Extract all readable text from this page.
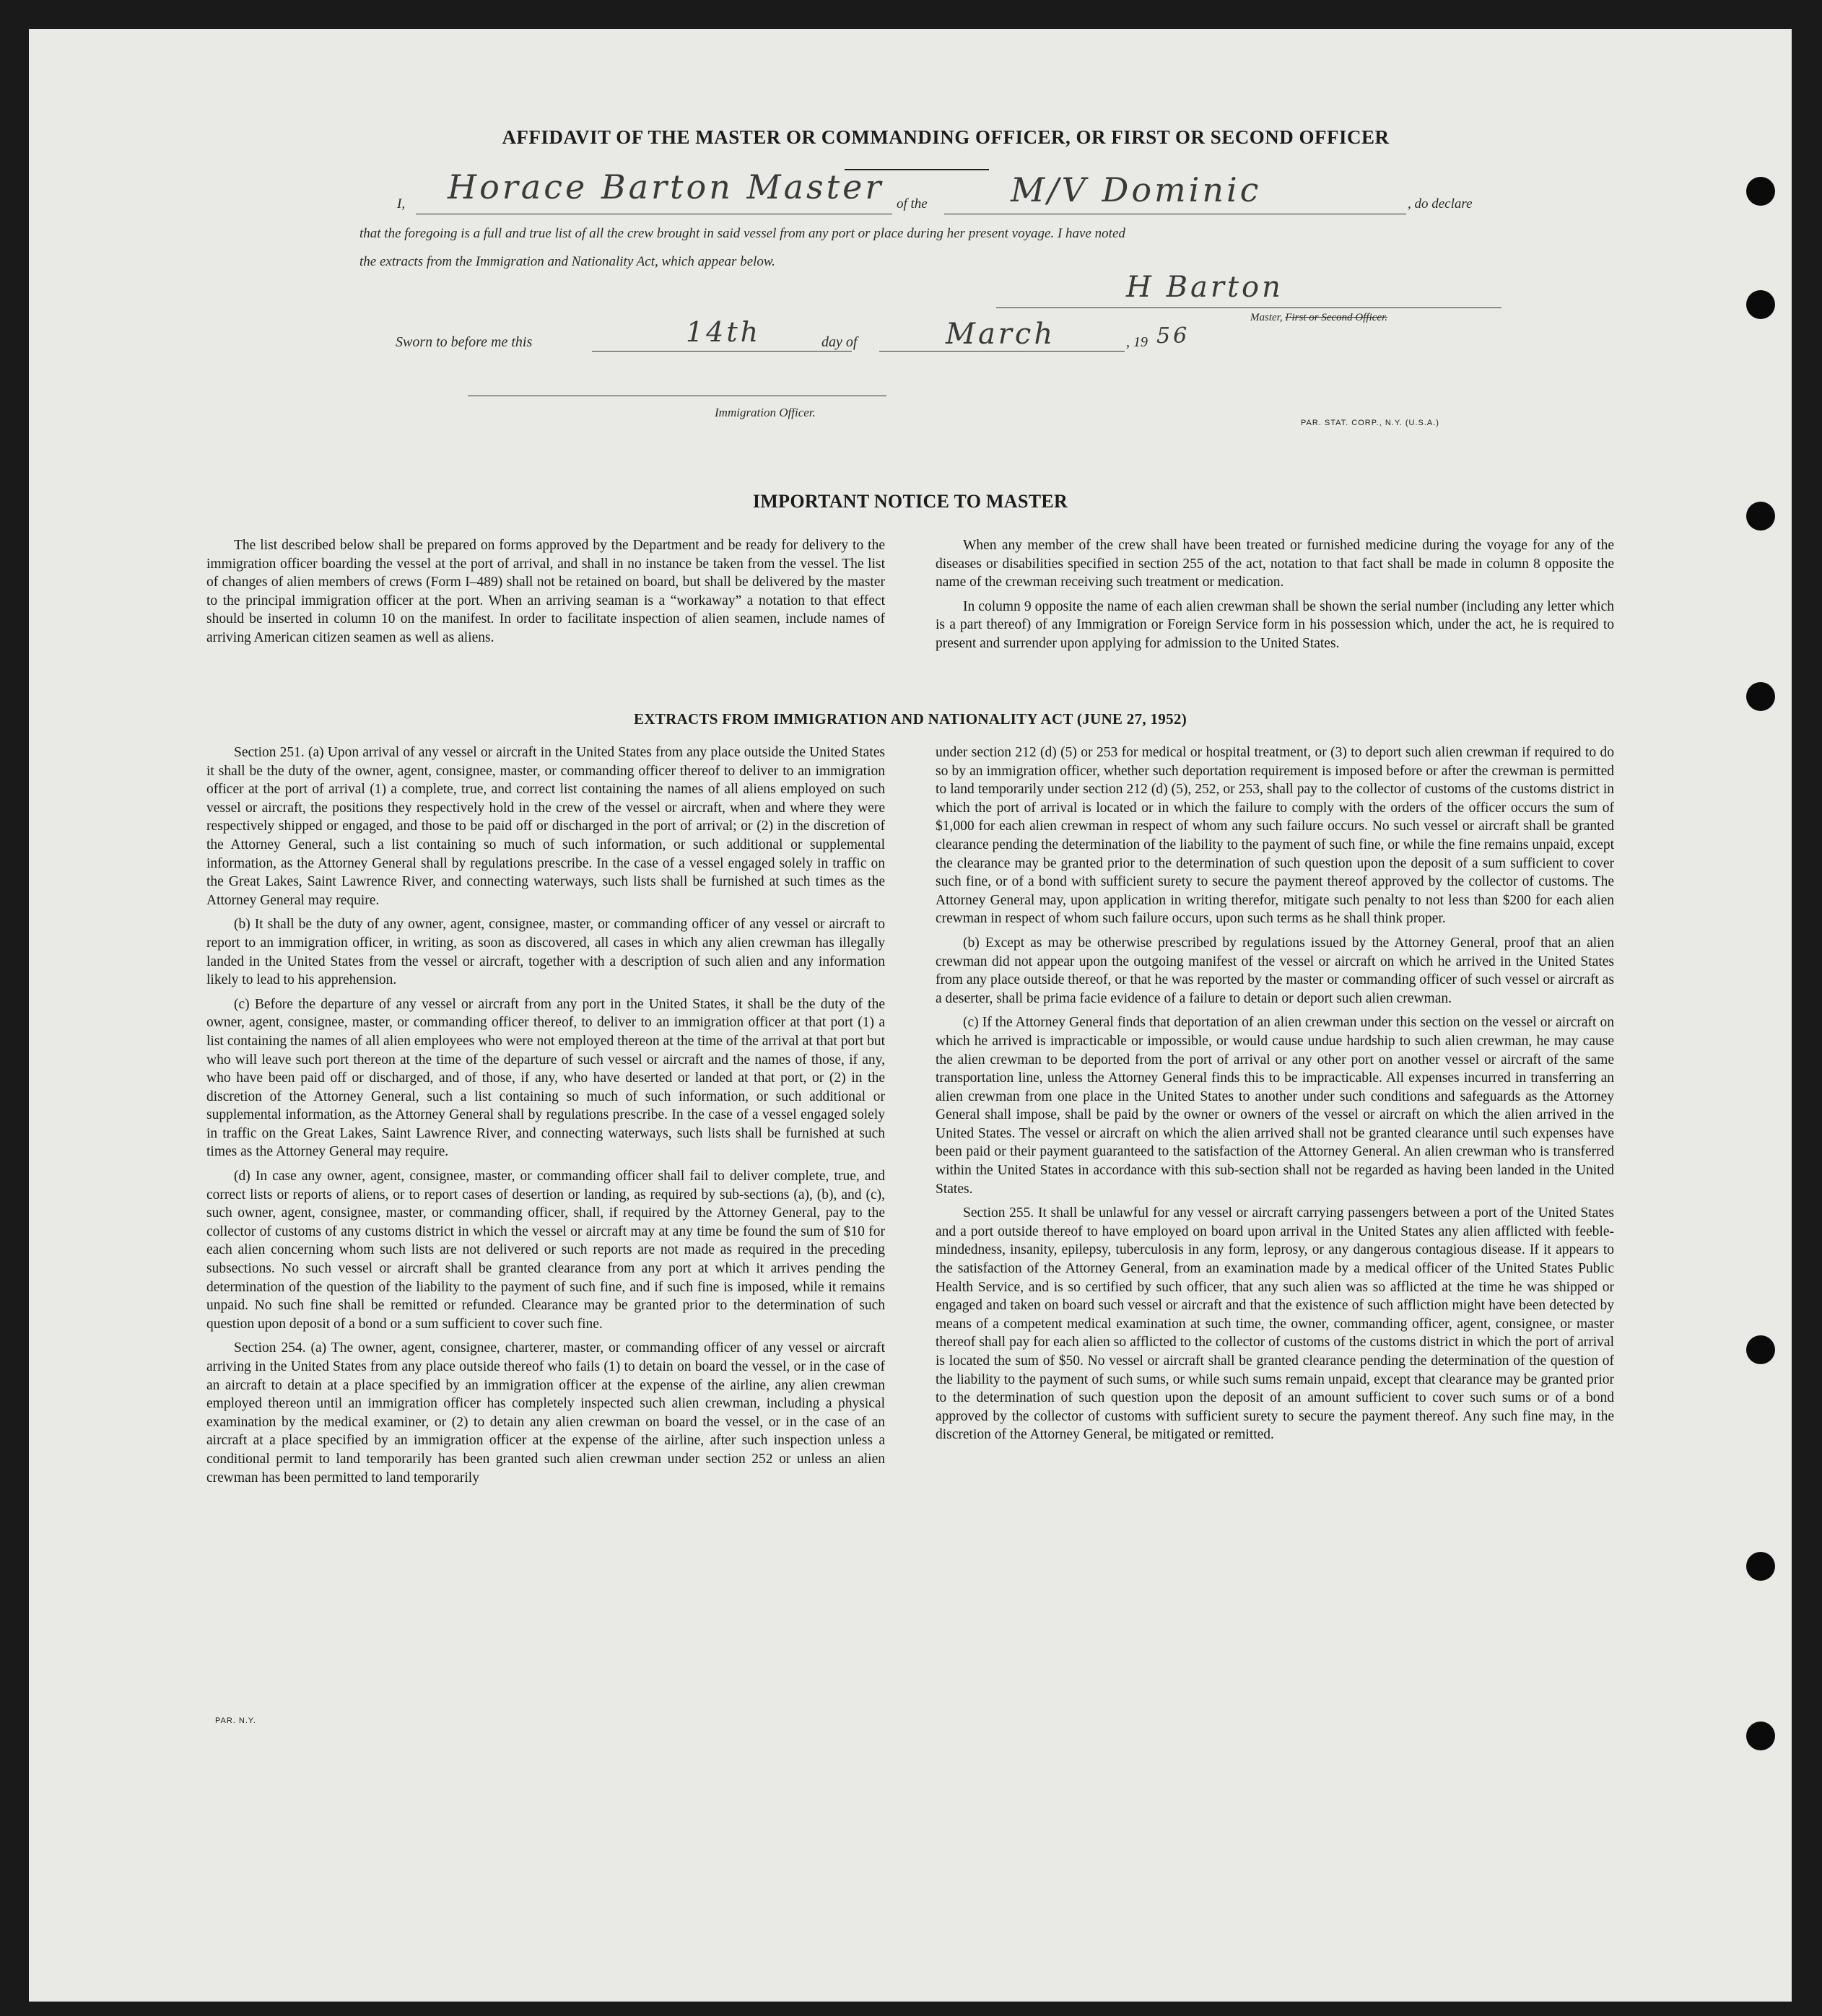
AFFIDAVIT OF THE MASTER OR COMMANDING OFFICER, OR FIRST OR SECOND OFFICER
I, Horace Barton Master of the	M/V Dominic	, do declare
that the foregoing is a full and true list of all the crew brought in said vessel from any port or place during her present voyage. I have noted
the extracts from the Immigration and Nationality Act, which appear below.
H Barton
Master, First or Second Officer.
Sworn to before me this	14th	day of	March	, 19 56
Immigration Officer.
PAR. STAT. CORP., N.Y. (U.S.A.)
IMPORTANT NOTICE TO MASTER

The list described below shall be prepared on forms approved by the Department and be ready for delivery to the immigration officer boarding the vessel at the port of arrival, and shall in no instance be taken from the vessel. The list of changes of alien members of crews (Form I–489) shall not be retained on board, but shall be delivered by the master to the principal immigration officer at the port. When an arriving seaman is a “workaway” a notation to that effect should be inserted in column 10 on the manifest. In order to facilitate inspection of alien seamen, include names of arriving American citizen seamen as well as aliens.

When any member of the crew shall have been treated or furnished medicine during the voyage for any of the diseases or disabilities specified in section 255 of the act, notation to that fact shall be made in column 8 opposite the name of the crewman receiving such treatment or medication.

In column 9 opposite the name of each alien crewman shall be shown the serial number (including any letter which is a part thereof) of any Immigration or Foreign Service form in his possession which, under the act, he is required to present and surrender upon applying for admission to the United States.

EXTRACTS FROM IMMIGRATION AND NATIONALITY ACT (JUNE 27, 1952)

Section 251. (a) Upon arrival of any vessel or aircraft in the United States from any place outside the United States it shall be the duty of the owner, agent, consignee, master, or commanding officer thereof to deliver to an immigration officer at the port of arrival (1) a complete, true, and correct list containing the names of all aliens employed on such vessel or aircraft, the positions they respectively hold in the crew of the vessel or aircraft, when and where they were respectively shipped or engaged, and those to be paid off or discharged in the port of arrival; or (2) in the discretion of the Attorney General, such a list containing so much of such information, or such additional or supplemental information, as the Attorney General shall by regulations prescribe. In the case of a vessel engaged solely in traffic on the Great Lakes, Saint Lawrence River, and connecting waterways, such lists shall be furnished at such times as the Attorney General may require.

(b) It shall be the duty of any owner, agent, consignee, master, or commanding officer of any vessel or aircraft to report to an immigration officer, in writing, as soon as discovered, all cases in which any alien crewman has illegally landed in the United States from the vessel or aircraft, together with a description of such alien and any information likely to lead to his apprehension.

(c) Before the departure of any vessel or aircraft from any port in the United States, it shall be the duty of the owner, agent, consignee, master, or commanding officer thereof, to deliver to an immigration officer at that port (1) a list containing the names of all alien employees who were not employed thereon at the time of the arrival at that port but who will leave such port thereon at the time of the departure of such vessel or aircraft and the names of those, if any, who have been paid off or discharged, and of those, if any, who have deserted or landed at that port, or (2) in the discretion of the Attorney General, such a list containing so much of such information, or such additional or supplemental information, as the Attorney General shall by regulations prescribe. In the case of a vessel engaged solely in traffic on the Great Lakes, Saint Lawrence River, and connecting waterways, such lists shall be furnished at such times as the Attorney General may require.

(d) In case any owner, agent, consignee, master, or commanding officer shall fail to deliver complete, true, and correct lists or reports of aliens, or to report cases of desertion or landing, as required by sub-sections (a), (b), and (c), such owner, agent, consignee, master, or commanding officer, shall, if required by the Attorney General, pay to the collector of customs of any customs district in which the vessel or aircraft may at any time be found the sum of $10 for each alien concerning whom such lists are not delivered or such reports are not made as required in the preceding subsections. No such vessel or aircraft shall be granted clearance from any port at which it arrives pending the determination of the question of the liability to the payment of such fine, and if such fine is imposed, while it remains unpaid. No such fine shall be remitted or refunded. Clearance may be granted prior to the determination of such question upon deposit of a bond or a sum sufficient to cover such fine.

Section 254. (a) The owner, agent, consignee, charterer, master, or commanding officer of any vessel or aircraft arriving in the United States from any place outside thereof who fails (1) to detain on board the vessel, or in the case of an aircraft to detain at a place specified by an immigration officer at the expense of the airline, any alien crewman employed thereon until an immigration officer has completely inspected such alien crewman, including a physical examination by the medical examiner, or (2) to detain any alien crewman on board the vessel, or in the case of an aircraft at a place specified by an immigration officer at the expense of the airline, after such inspection unless a conditional permit to land temporarily has been granted such alien crewman under section 252 or unless an alien crewman has been permitted to land temporarily

under section 212 (d) (5) or 253 for medical or hospital treatment, or (3) to deport such alien crewman if required to do so by an immigration officer, whether such deportation requirement is imposed before or after the crewman is permitted to land temporarily under section 212 (d) (5), 252, or 253, shall pay to the collector of customs of the customs district in which the port of arrival is located or in which the failure to comply with the orders of the officer occurs the sum of $1,000 for each alien crewman in respect of whom any such failure occurs. No such vessel or aircraft shall be granted clearance pending the determination of the liability to the payment of such fine, or while the fine remains unpaid, except the clearance may be granted prior to the determination of such question upon the deposit of a sum sufficient to cover such fine, or of a bond with sufficient surety to secure the payment thereof approved by the collector of customs. The Attorney General may, upon application in writing therefor, mitigate such penalty to not less than $200 for each alien crewman in respect of whom such failure occurs, upon such terms as he shall think proper.

(b) Except as may be otherwise prescribed by regulations issued by the Attorney General, proof that an alien crewman did not appear upon the outgoing manifest of the vessel or aircraft on which he arrived in the United States from any place outside thereof, or that he was reported by the master or commanding officer of such vessel or aircraft as a deserter, shall be prima facie evidence of a failure to detain or deport such alien crewman.

(c) If the Attorney General finds that deportation of an alien crewman under this section on the vessel or aircraft on which he arrived is impracticable or impossible, or would cause undue hardship to such alien crewman, he may cause the alien crewman to be deported from the port of arrival or any other port on another vessel or aircraft of the same transportation line, unless the Attorney General finds this to be impracticable. All expenses incurred in transferring an alien crewman from one place in the United States to another under such conditions and safeguards as the Attorney General shall impose, shall be paid by the owner or owners of the vessel or aircraft on which the alien arrived in the United States. The vessel or aircraft on which the alien arrived shall not be granted clearance until such expenses have been paid or their payment guaranteed to the satisfaction of the Attorney General. An alien crewman who is transferred within the United States in accordance with this sub-section shall not be regarded as having been landed in the United States.

Section 255. It shall be unlawful for any vessel or aircraft carrying passengers between a port of the United States and a port outside thereof to have employed on board upon arrival in the United States any alien afflicted with feeble-mindedness, insanity, epilepsy, tuberculosis in any form, leprosy, or any dangerous contagious disease. If it appears to the satisfaction of the Attorney General, from an examination made by a medical officer of the United States Public Health Service, and is so certified by such officer, that any such alien was so afflicted at the time he was shipped or engaged and taken on board such vessel or aircraft and that the existence of such affliction might have been detected by means of a competent medical examination at such time, the owner, commanding officer, agent, consignee, or master thereof shall pay for each alien so afflicted to the collector of customs of the customs district in which the port of arrival is located the sum of $50. No vessel or aircraft shall be granted clearance pending the determination of the question of the liability to the payment of such sums, or while such sums remain unpaid, except that clearance may be granted prior to the determination of such question upon the deposit of an amount sufficient to cover such sums or of a bond approved by the collector of customs with sufficient surety to secure the payment thereof. Any such fine may, in the discretion of the Attorney General, be mitigated or remitted.

PAR. N.Y.
